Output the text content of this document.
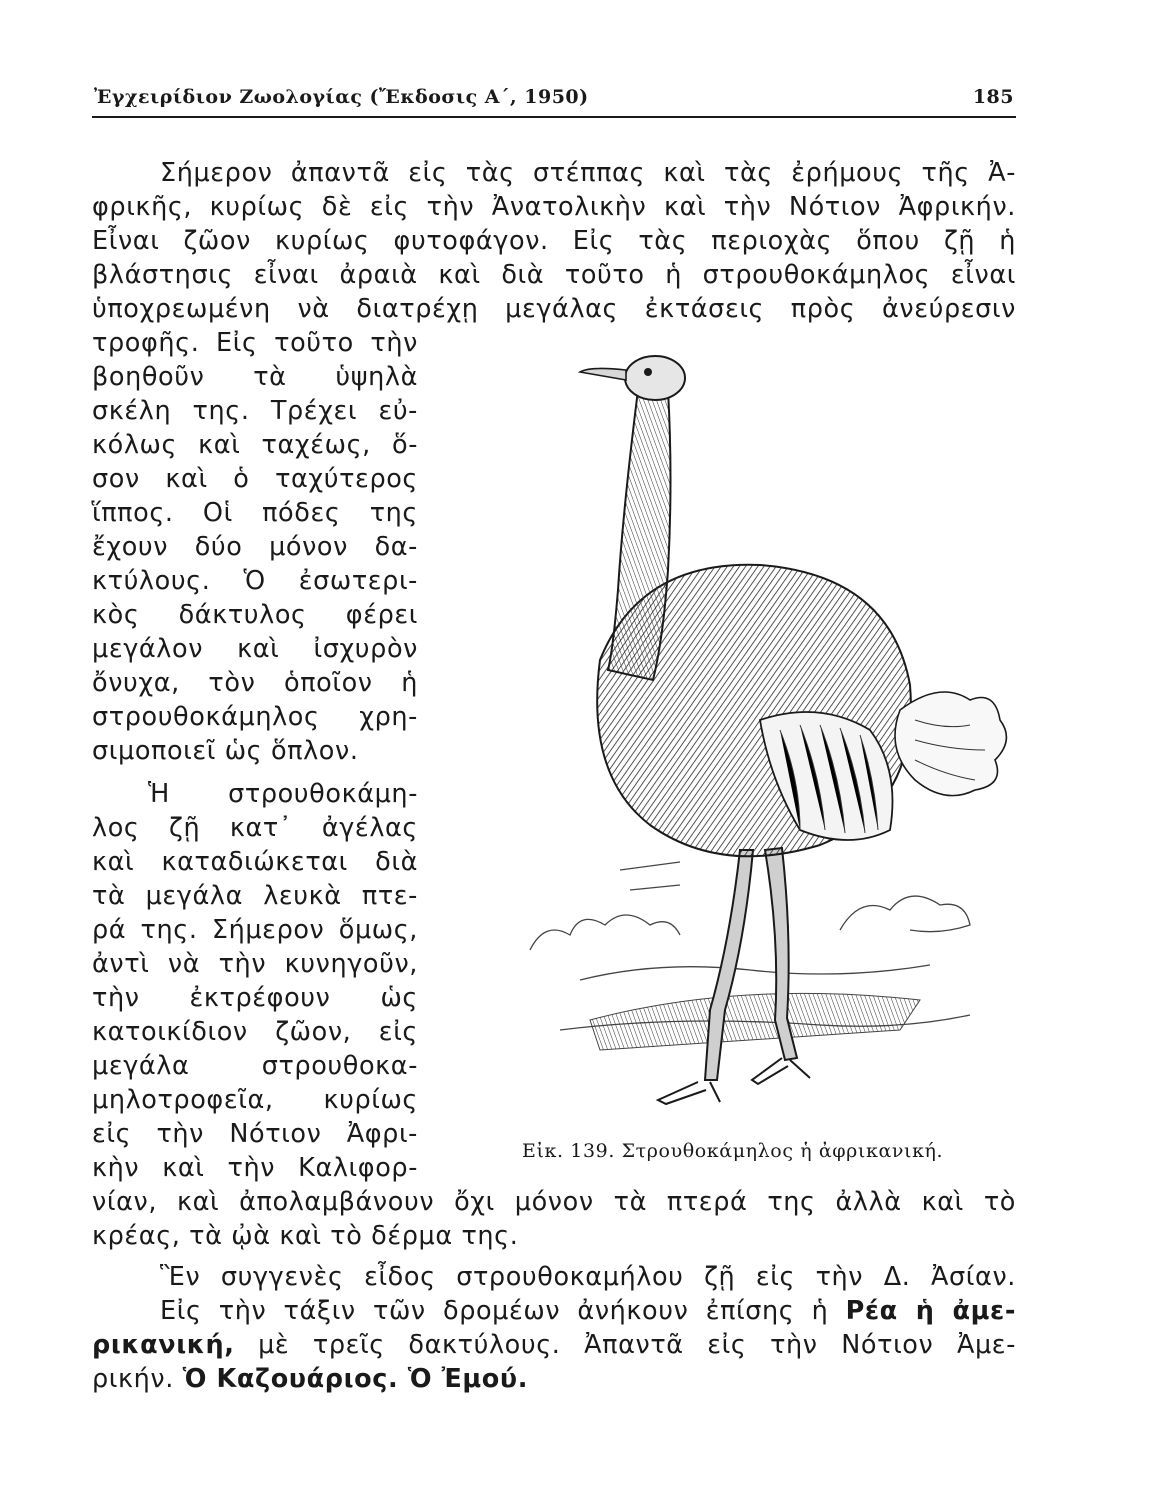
Ἐγχειρίδιον Ζωολογίας (Ἔκδοσις Α΄, 1950)	185
Σήμερον ἀπαντᾶ εἰς τὰς στέππας καὶ τὰς ἐρήμους τῆς Ἀ-
φρικῆς, κυρίως δὲ εἰς τὴν Ἀνατολικὴν καὶ τὴν Νότιον Ἀφρικήν.
Εἶναι ζῶον κυρίως φυτοφάγον. Εἰς τὰς περιοχὰς ὅπου ζῇ ἡ
βλάστησις εἶναι ἀραιὰ καὶ διὰ τοῦτο ἡ στρουθοκάμηλος εἶναι
ὑποχρεωμένη νὰ διατρέχῃ μεγάλας ἐκτάσεις πρὸς ἀνεύρεσιν
τροφῆς. Εἰς τοῦτο τὴν
βοηθοῦν τὰ ὑψηλὰ
σκέλη της. Τρέχει εὐ-
κόλως καὶ ταχέως, ὅ-
σον καὶ ὁ ταχύτερος
ἵππος. Οἱ πόδες της
ἔχουν δύο μόνον δα-
κτύλους. Ὁ ἐσωτερι-
κὸς δάκτυλος φέρει
μεγάλον καὶ ἰσχυρὸν
ὄνυχα, τὸν ὁποῖον ἡ
στρουθοκάμηλος χρη-
σιμοποιεῖ ὡς ὅπλον.
Ἡ στρουθοκάμη-
λος ζῇ κατ᾽ ἀγέλας
καὶ καταδιώκεται διὰ
τὰ μεγάλα λευκὰ πτε-
ρά της. Σήμερον ὅμως,
ἀντὶ νὰ τὴν κυνηγοῦν,
τὴν ἐκτρέφουν ὡς
κατοικίδιον ζῶον, εἰς
μεγάλα στρουθοκα-
μηλοτροφεῖα, κυρίως
εἰς τὴν Νότιον Ἀφρι-
κὴν καὶ τὴν Καλιφορ-
νίαν, καὶ ἀπολαμβάνουν ὄχι μόνον τὰ πτερά της ἀλλὰ καὶ τὸ
κρέας, τὰ ᾠὰ καὶ τὸ δέρμα της.
Ἓν συγγενὲς εἶδος στρουθοκαμήλου ζῇ εἰς τὴν Δ. Ἀσίαν.
Εἰς τὴν τάξιν τῶν δρομέων ἀνήκουν ἐπίσης ἡ Ρέα ἡ ἀμε-
ρικανική, μὲ τρεῖς δακτύλους. Ἀπαντᾶ εἰς τὴν Νότιον Ἀμε-
ρικήν. Ὁ Καζουάριος. Ὁ Ἐμού.
Εἰκ. 139. Στρουθοκάμηλος ἡ ἀφρικανική.
